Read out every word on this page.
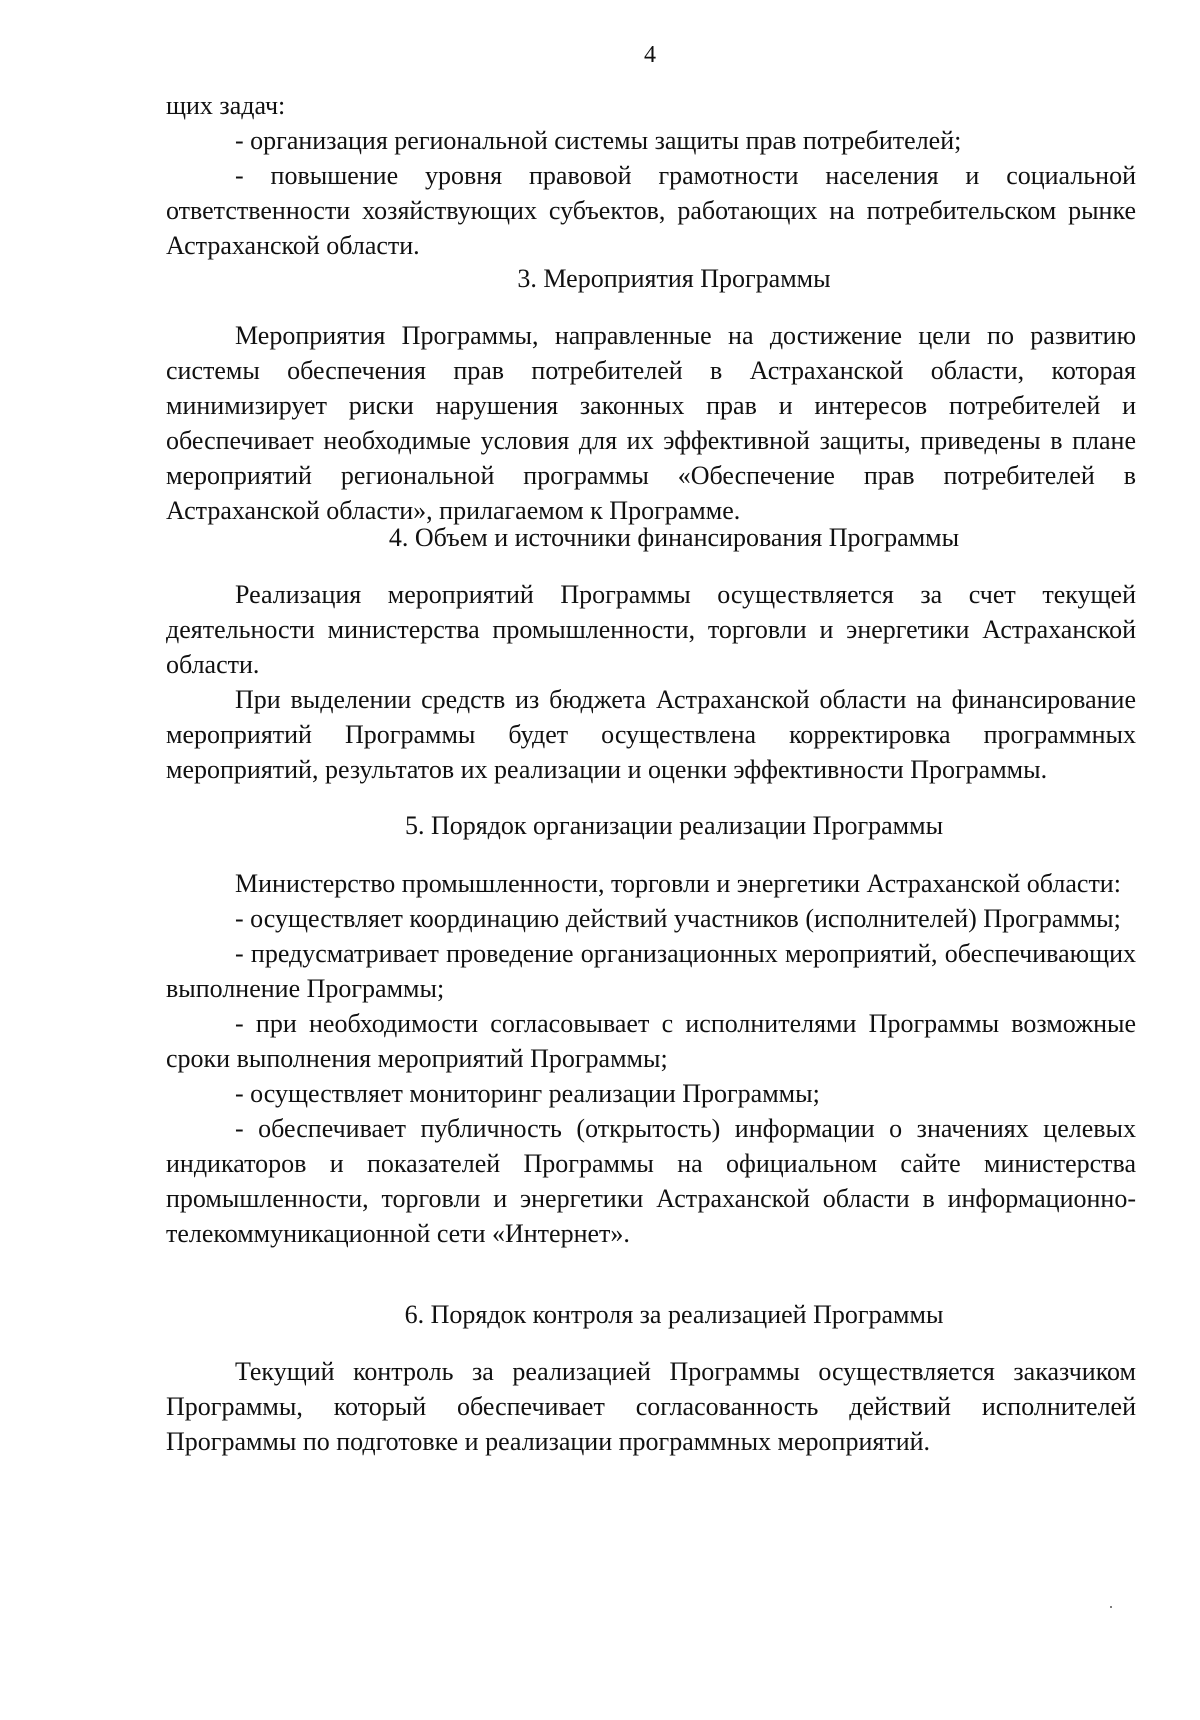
4

щих задач:

- организация региональной системы защиты прав потребителей;

- повышение уровня правовой грамотности населения и социальной ответственности хозяйствующих субъектов, работающих на потребительском рынке Астраханской области.

3. Мероприятия Программы

Мероприятия Программы, направленные на достижение цели по развитию системы обеспечения прав потребителей в Астраханской области, которая минимизирует риски нарушения законных прав и интересов потребителей и обеспечивает необходимые условия для их эффективной защиты, приведены в плане мероприятий региональной программы «Обеспечение прав потребителей в Астраханской области», прилагаемом к Программе.

4. Объем и источники финансирования Программы

Реализация мероприятий Программы осуществляется за счет текущей деятельности министерства промышленности, торговли и энергетики Астраханской области.

При выделении средств из бюджета Астраханской области на финансирование мероприятий Программы будет осуществлена корректировка программных мероприятий, результатов их реализации и оценки эффективности Программы.

5. Порядок организации реализации Программы

Министерство промышленности, торговли и энергетики Астраханской области:

- осуществляет координацию действий участников (исполнителей) Программы;

- предусматривает проведение организационных мероприятий, обеспечивающих выполнение Программы;

- при необходимости согласовывает с исполнителями Программы возможные сроки выполнения мероприятий Программы;

- осуществляет мониторинг реализации Программы;

- обеспечивает публичность (открытость) информации о значениях целевых индикаторов и показателей Программы на официальном сайте министерства промышленности, торговли и энергетики Астраханской области в информационно-телекоммуникационной сети «Интернет».

6. Порядок контроля за реализацией Программы

Текущий контроль за реализацией Программы осуществляется заказчиком Программы, который обеспечивает согласованность действий исполнителей Программы по подготовке и реализации программных мероприятий.
